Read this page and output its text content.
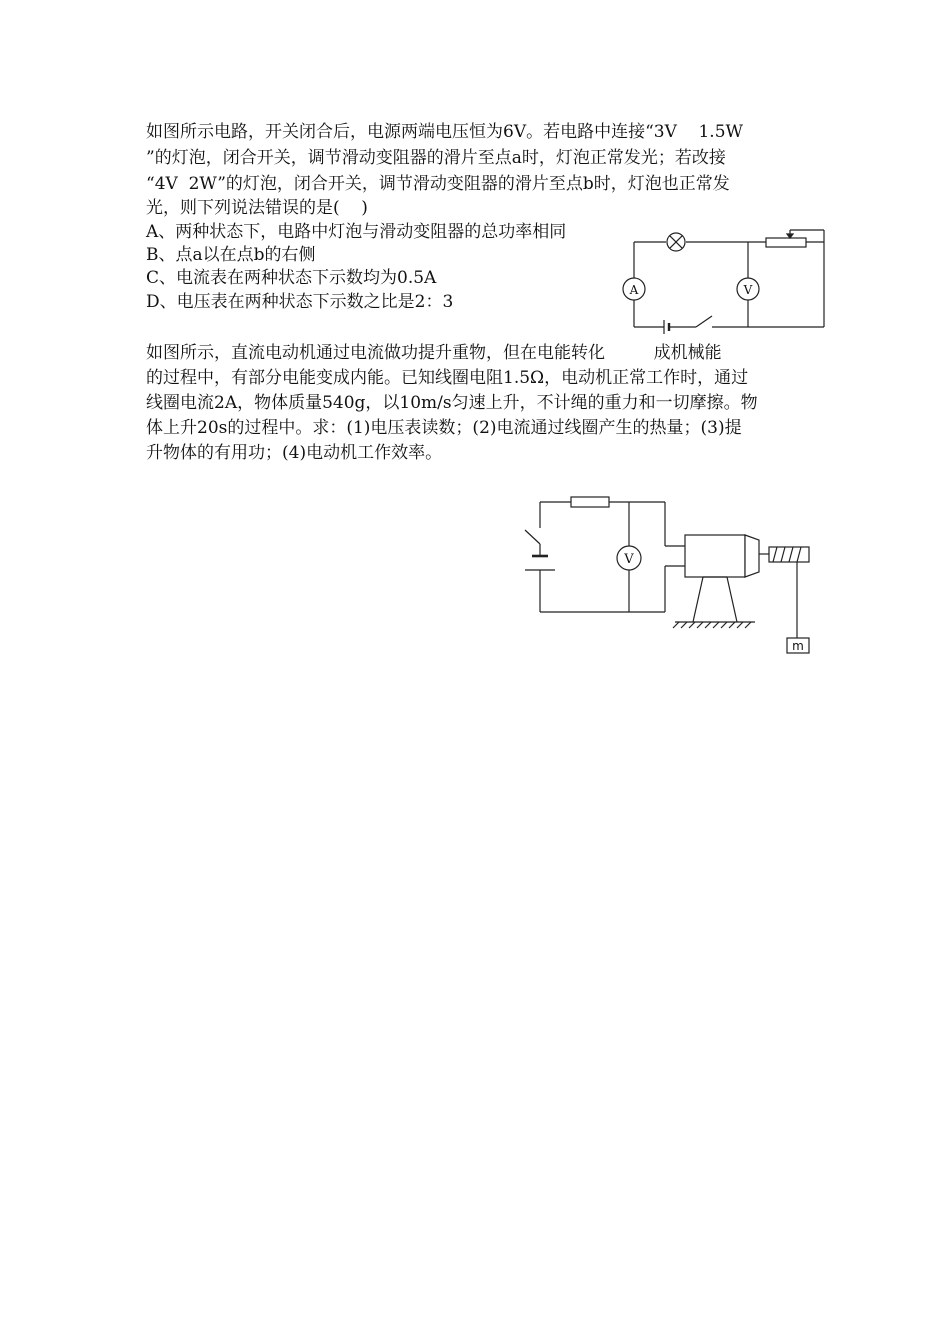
如图所示电路，开关闭合后，电源两端电压恒为6V。若电路中连接“3V    1.5W
”的灯泡，闭合开关，调节滑动变阻器的滑片至点a时，灯泡正常发光；若改接
“4V  2W”的灯泡，闭合开关，调节滑动变阻器的滑片至点b时，灯泡也正常发
光，则下列说法错误的是(    )
A、两种状态下，电路中灯泡与滑动变阻器的总功率相同
B、点a以在点b的右侧
C、电流表在两种状态下示数均为0.5A
D、电压表在两种状态下示数之比是2：3
A	V
如图所示，直流电动机通过电流做功提升重物，但在电能转化         成机械能
的过程中，有部分电能变成内能。已知线圈电阻1.5Ω，电动机正常工作时，通过
线圈电流2A，物体质量540g，以10m/s匀速上升，不计绳的重力和一切摩擦。物
体上升20s的过程中。求：(1)电压表读数；(2)电流通过线圈产生的热量；(3)提
升物体的有用功；(4)电动机工作效率。
V
m
